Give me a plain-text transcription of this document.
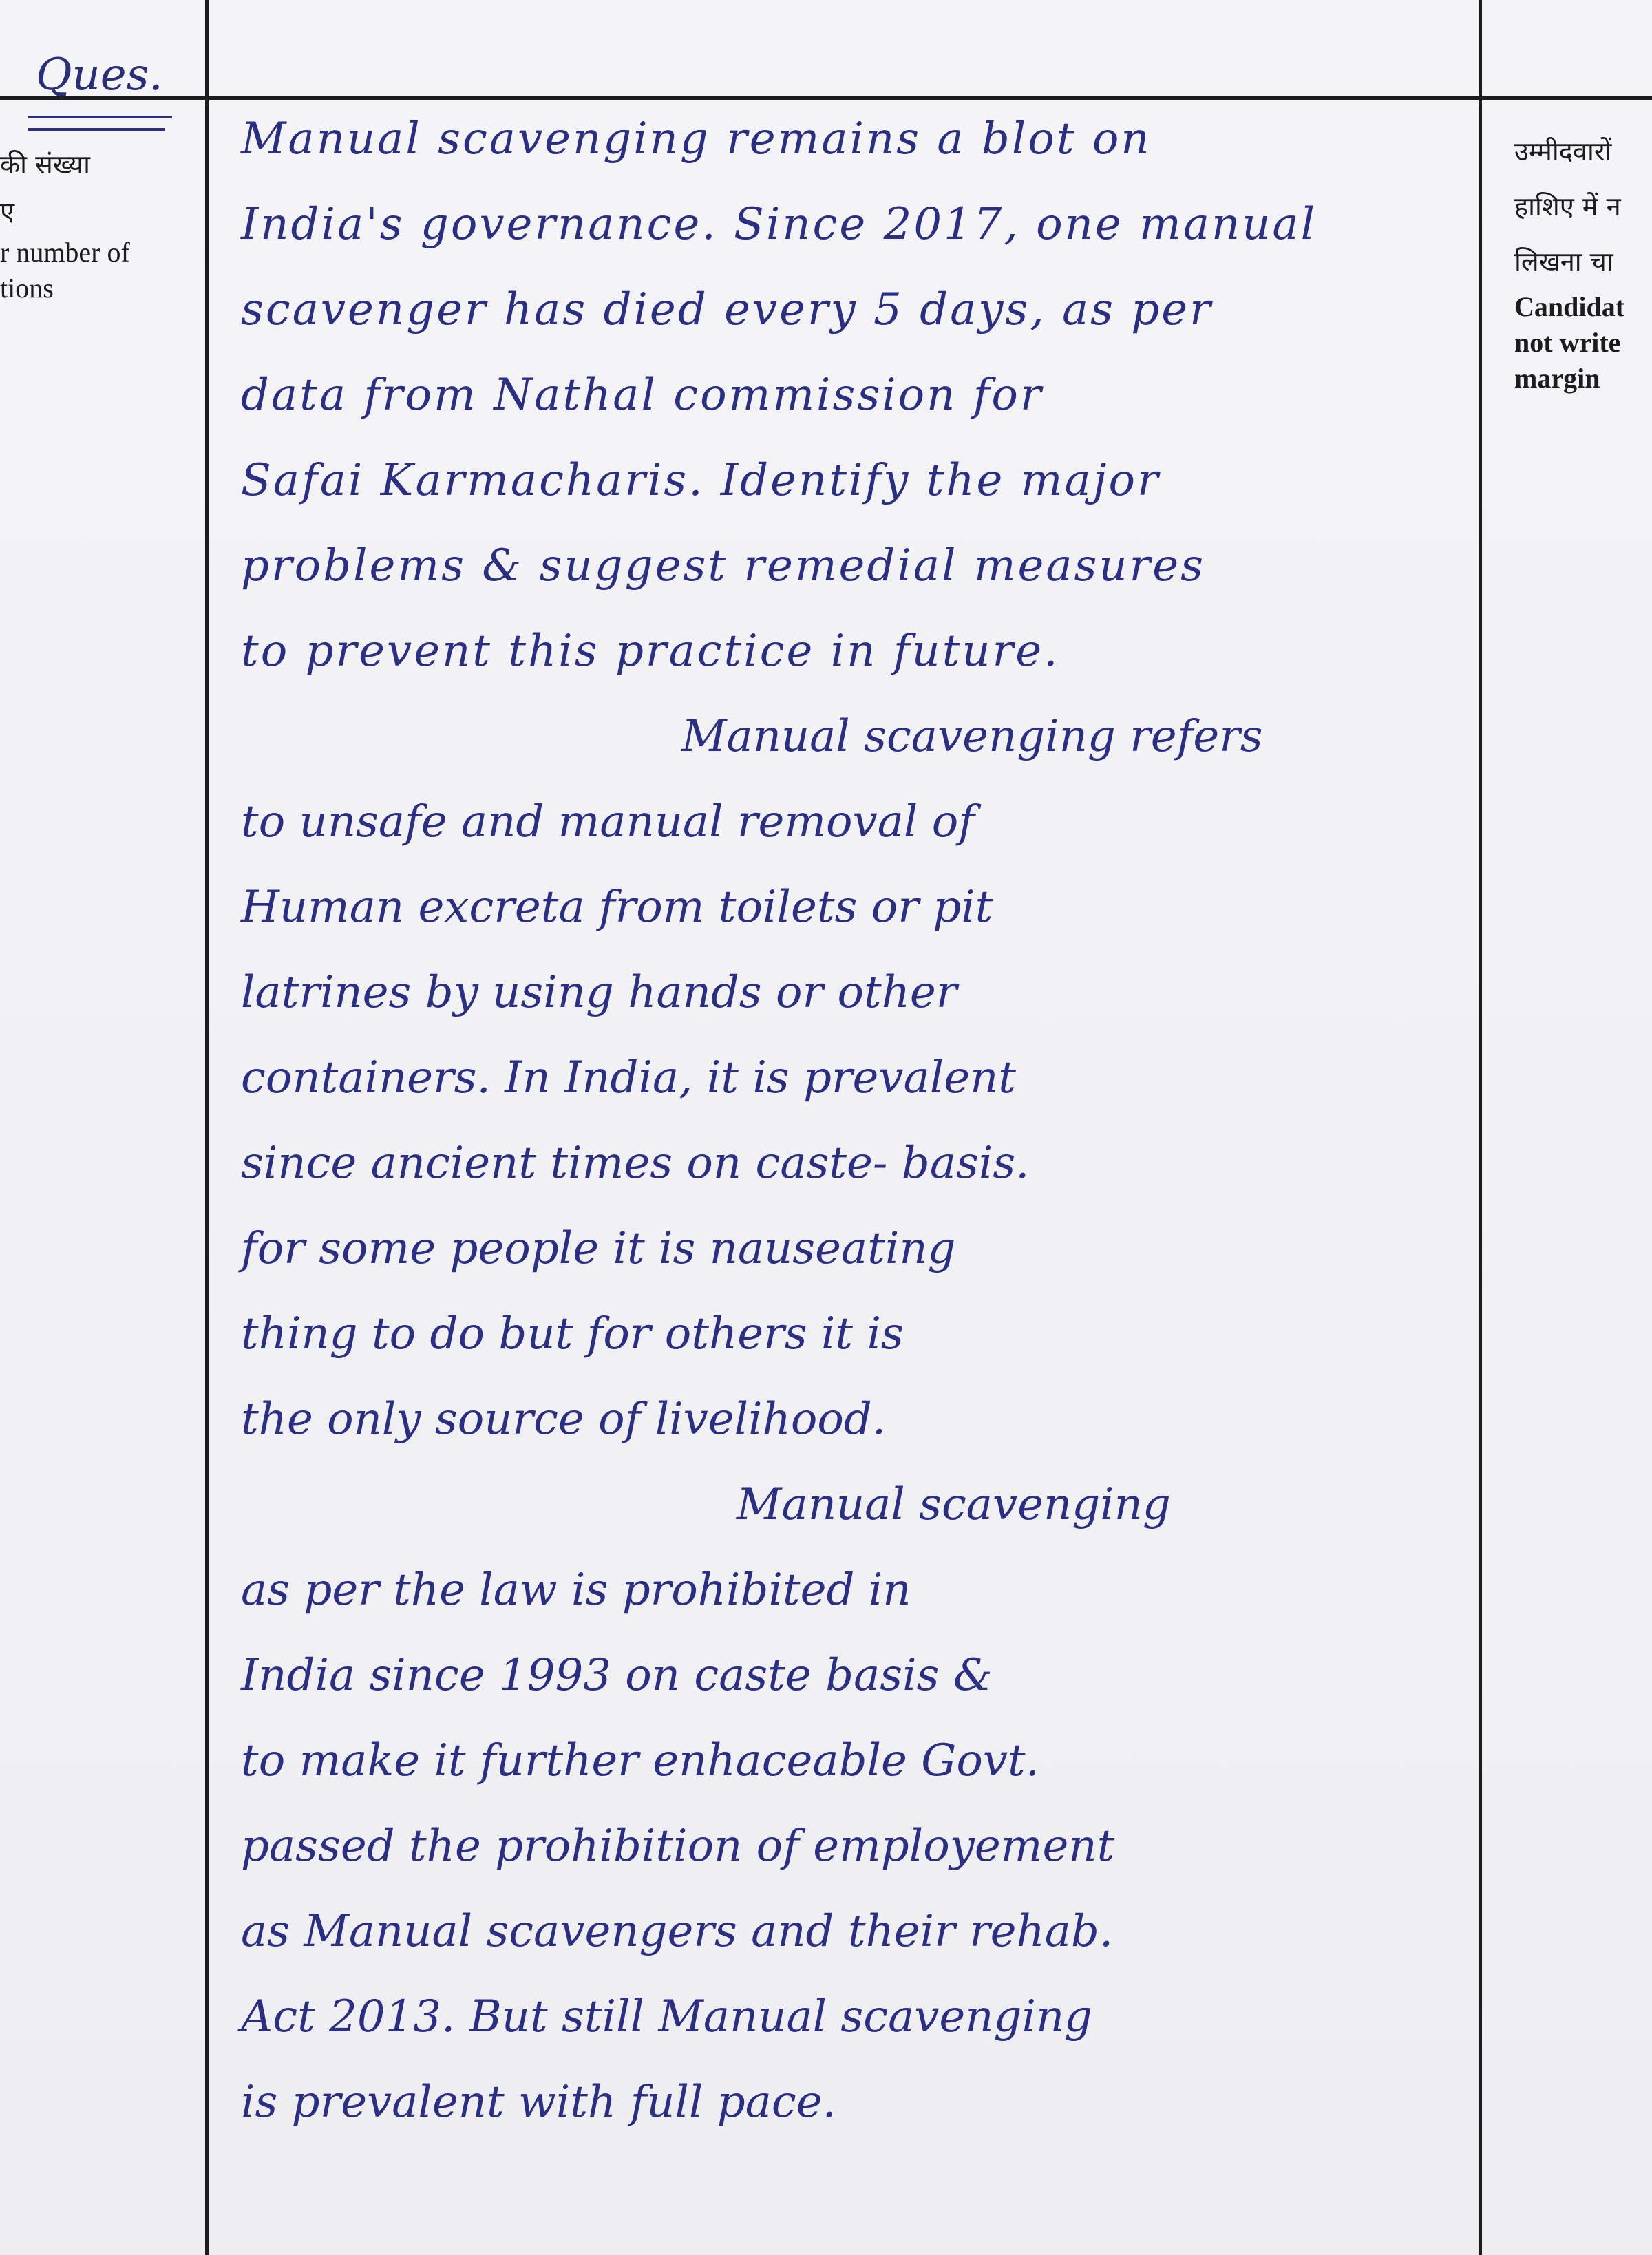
Ques.
की संख्या
ए
r number of
tions
उम्मीदवारों
हाशिए में न
लिखना चा
Candidat
not write
margin
Manual scavenging remains a blot on
India's governance. Since 2017, one manual
scavenger has died every 5 days, as per
data from Nathal commission for
Safai Karmacharis. Identify the major
problems & suggest remedial measures
to prevent this practice in future.
Manual scavenging refers
to unsafe and manual removal of
Human excreta from toilets or pit
latrines by using hands or other
containers. In India, it is prevalent
since ancient times on caste- basis.
for some people it is nauseating
thing to do but for others it is
the only source of livelihood.
Manual scavenging
as per the law is prohibited in
India since 1993 on caste basis &
to make it further enhaceable Govt.
passed the prohibition of employement
as Manual scavengers and their rehab.
Act 2013. But still Manual scavenging
is prevalent with full pace.
